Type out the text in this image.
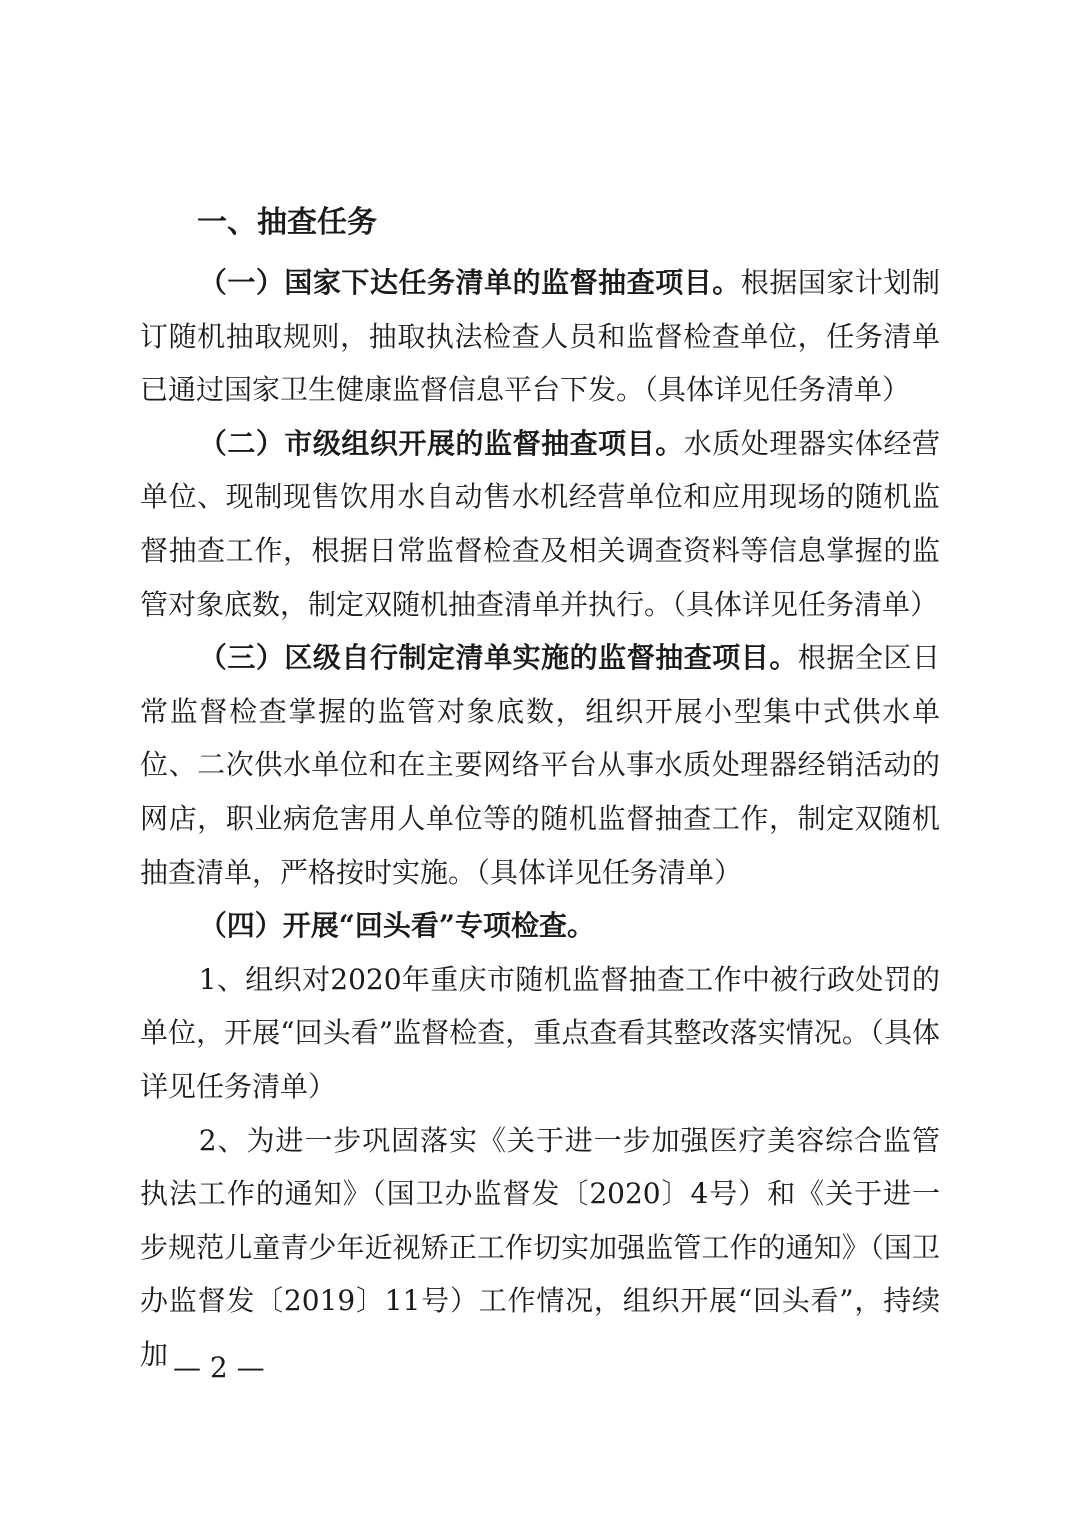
一、抽查任务

（一）国家下达任务清单的监督抽查项目。根据国家计划制订随机抽取规则，抽取执法检查人员和监督检查单位，任务清单已通过国家卫生健康监督信息平台下发。（具体详见任务清单）

（二）市级组织开展的监督抽查项目。水质处理器实体经营单位、现制现售饮用水自动售水机经营单位和应用现场的随机监督抽查工作，根据日常监督检查及相关调查资料等信息掌握的监管对象底数，制定双随机抽查清单并执行。（具体详见任务清单）

（三）区级自行制定清单实施的监督抽查项目。根据全区日常监督检查掌握的监管对象底数，组织开展小型集中式供水单位、二次供水单位和在主要网络平台从事水质处理器经销活动的网店，职业病危害用人单位等的随机监督抽查工作，制定双随机抽查清单，严格按时实施。（具体详见任务清单）

（四）开展“回头看”专项检查。

1、组织对2020年重庆市随机监督抽查工作中被行政处罚的单位，开展“回头看”监督检查，重点查看其整改落实情况。（具体详见任务清单）

2、为进一步巩固落实《关于进一步加强医疗美容综合监管执法工作的通知》（国卫办监督发〔2020〕4号）和《关于进一步规范儿童青少年近视矫正工作切实加强监管工作的通知》（国卫办监督发〔2019〕11号）工作情况，组织开展“回头看”，持续加 — 2 —
